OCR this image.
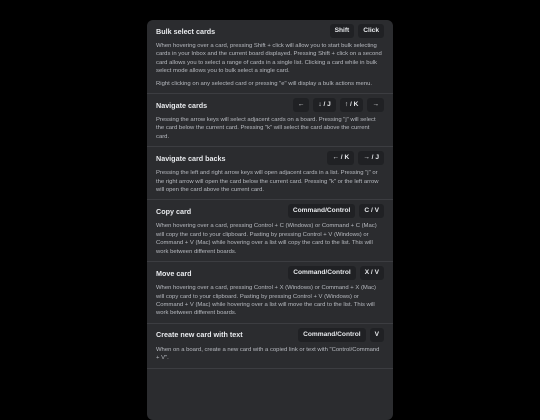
Bulk select cards	Shift	Click

When hovering over a card, pressing Shift + click will allow you to start bulk selecting cards in your Inbox and the current board displayed. Pressing Shift + click on a second card allows you to select a range of cards in a single list. Clicking a card while in bulk select mode allows you to bulk select a single card.

Right clicking on any selected card or pressing "e" will display a bulk actions menu.

Navigate cards	←	↓ / J	↑ / K	→

Pressing the arrow keys will select adjacent cards on a board. Pressing "j" will select the card below the current card. Pressing "k" will select the card above the current card.

Navigate card backs	← / K	→ / J

Pressing the left and right arrow keys will open adjacent cards in a list. Pressing "j" or the right arrow will open the card below the current card. Pressing "k" or the left arrow will open the card above the current card.

Copy card	Command/Control	C / V

When hovering over a card, pressing Control + C (Windows) or Command + C (Mac) will copy the card to your clipboard. Pasting by pressing Control + V (Windows) or Command + V (Mac) while hovering over a list will copy the card to the list. This will work between different boards.

Move card	Command/Control	X / V

When hovering over a card, pressing Control + X (Windows) or Command + X (Mac) will copy card to your clipboard. Pasting by pressing Control + V (Windows) or Command + V (Mac) while hovering over a list will move the card to the list. This will work between different boards.

Create new card with text	Command/Control	V

When on a board, create a new card with a copied link or text with "Control/Command + V".
